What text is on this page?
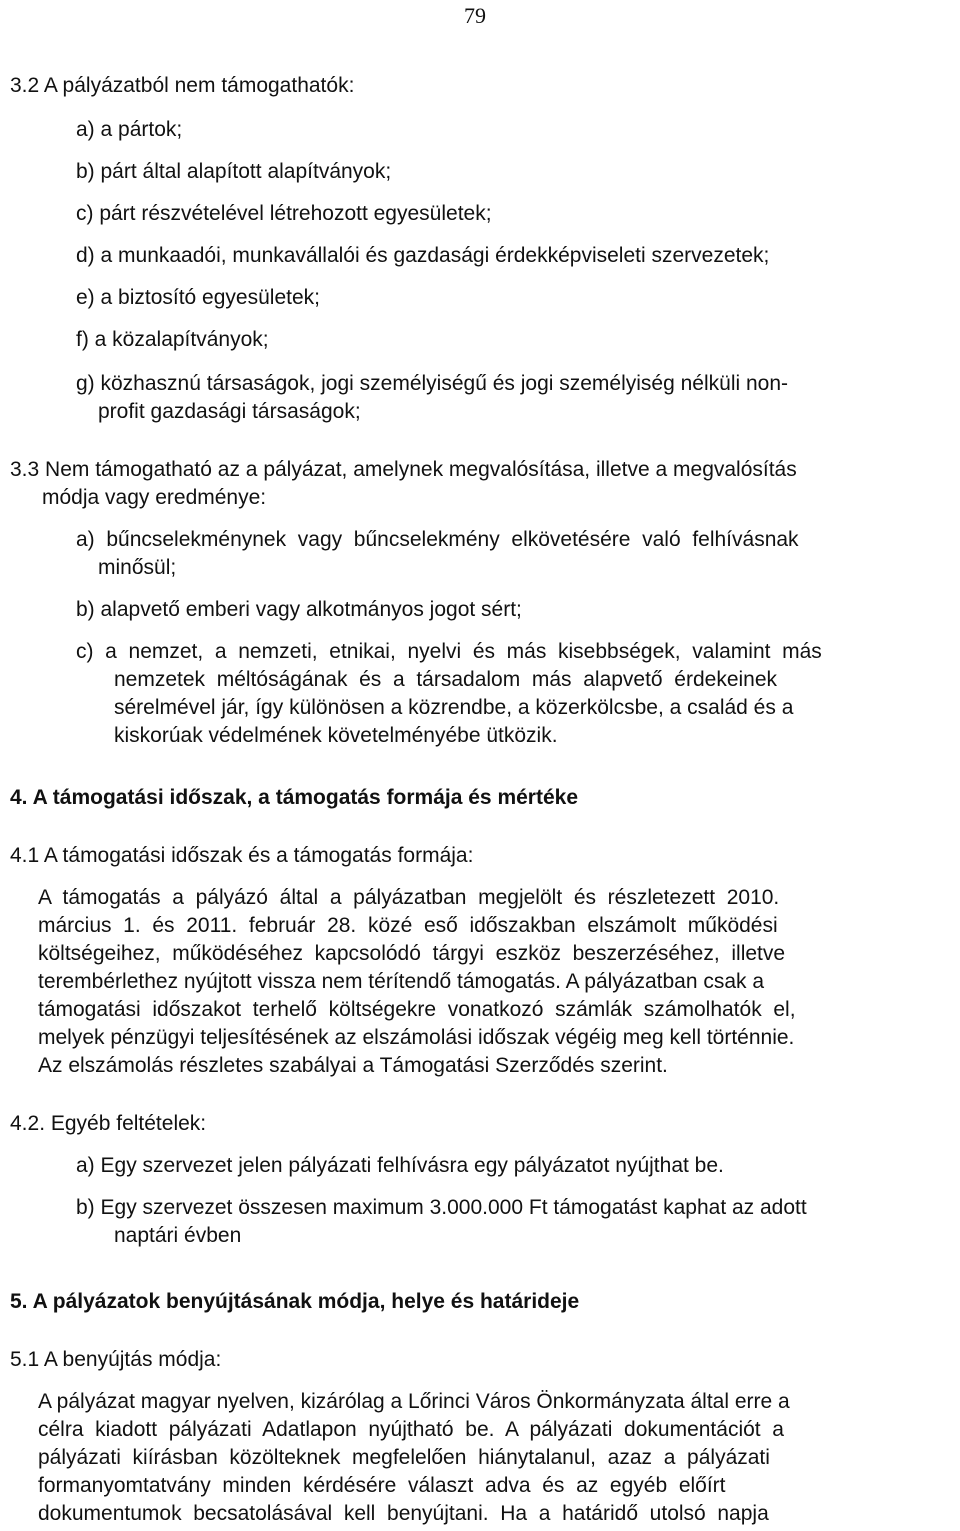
79
3.2 A pályázatból nem támogathatók:
a) a pártok;
b) párt által alapított alapítványok;
c) párt részvételével létrehozott egyesületek;
d) a munkaadói, munkavállalói és gazdasági érdekképviseleti szervezetek;
e) a biztosító egyesületek;
f) a közalapítványok;
g) közhasznú társaságok, jogi személyiségű és jogi személyiség nélküli non-
profit gazdasági társaságok;
3.3 Nem támogatható az a pályázat, amelynek megvalósítása, illetve a megvalósítás
módja vagy eredménye:
a)  bűncselekménynek  vagy  bűncselekmény  elkövetésére  való  felhívásnak
minősül;
b) alapvető emberi vagy alkotmányos jogot sért;
c)  a  nemzet,  a  nemzeti,  etnikai,  nyelvi  és  más  kisebbségek,  valamint  más
nemzetek  méltóságának  és  a  társadalom  más  alapvető  érdekeinek
sérelmével jár, így különösen a közrendbe, a közerkölcsbe, a család és a
kiskorúak védelmének követelményébe ütközik.
4. A támogatási időszak, a támogatás formája és mértéke
4.1 A támogatási időszak és a támogatás formája:
A  támogatás  a  pályázó  által  a  pályázatban  megjelölt  és  részletezett  2010.
március  1.  és  2011.  február  28.  közé  eső  időszakban  elszámolt  működési
költségeihez,  működéséhez  kapcsolódó  tárgyi  eszköz  beszerzéséhez,  illetve
terembérlethez nyújtott vissza nem térítendő támogatás. A pályázatban csak a
támogatási  időszakot  terhelő  költségekre  vonatkozó  számlák  számolhatók  el,
melyek pénzügyi teljesítésének az elszámolási időszak végéig meg kell történnie.
Az elszámolás részletes szabályai a Támogatási Szerződés szerint.
4.2. Egyéb feltételek:
a) Egy szervezet jelen pályázati felhívásra egy pályázatot nyújthat be.
b) Egy szervezet összesen maximum 3.000.000 Ft támogatást kaphat az adott
naptári évben
5. A pályázatok benyújtásának módja, helye és határideje
5.1 A benyújtás módja:
A pályázat magyar nyelven, kizárólag a Lőrinci Város Önkormányzata által erre a
célra  kiadott  pályázati  Adatlapon  nyújtható  be.  A  pályázati  dokumentációt  a
pályázati  kiírásban  közölteknek  megfelelően  hiánytalanul,  azaz  a  pályázati
formanyomtatvány  minden  kérdésére  választ  adva  és  az  egyéb  előírt
dokumentumok  becsatolásával  kell  benyújtani.  Ha  a  határidő  utolsó  napja
